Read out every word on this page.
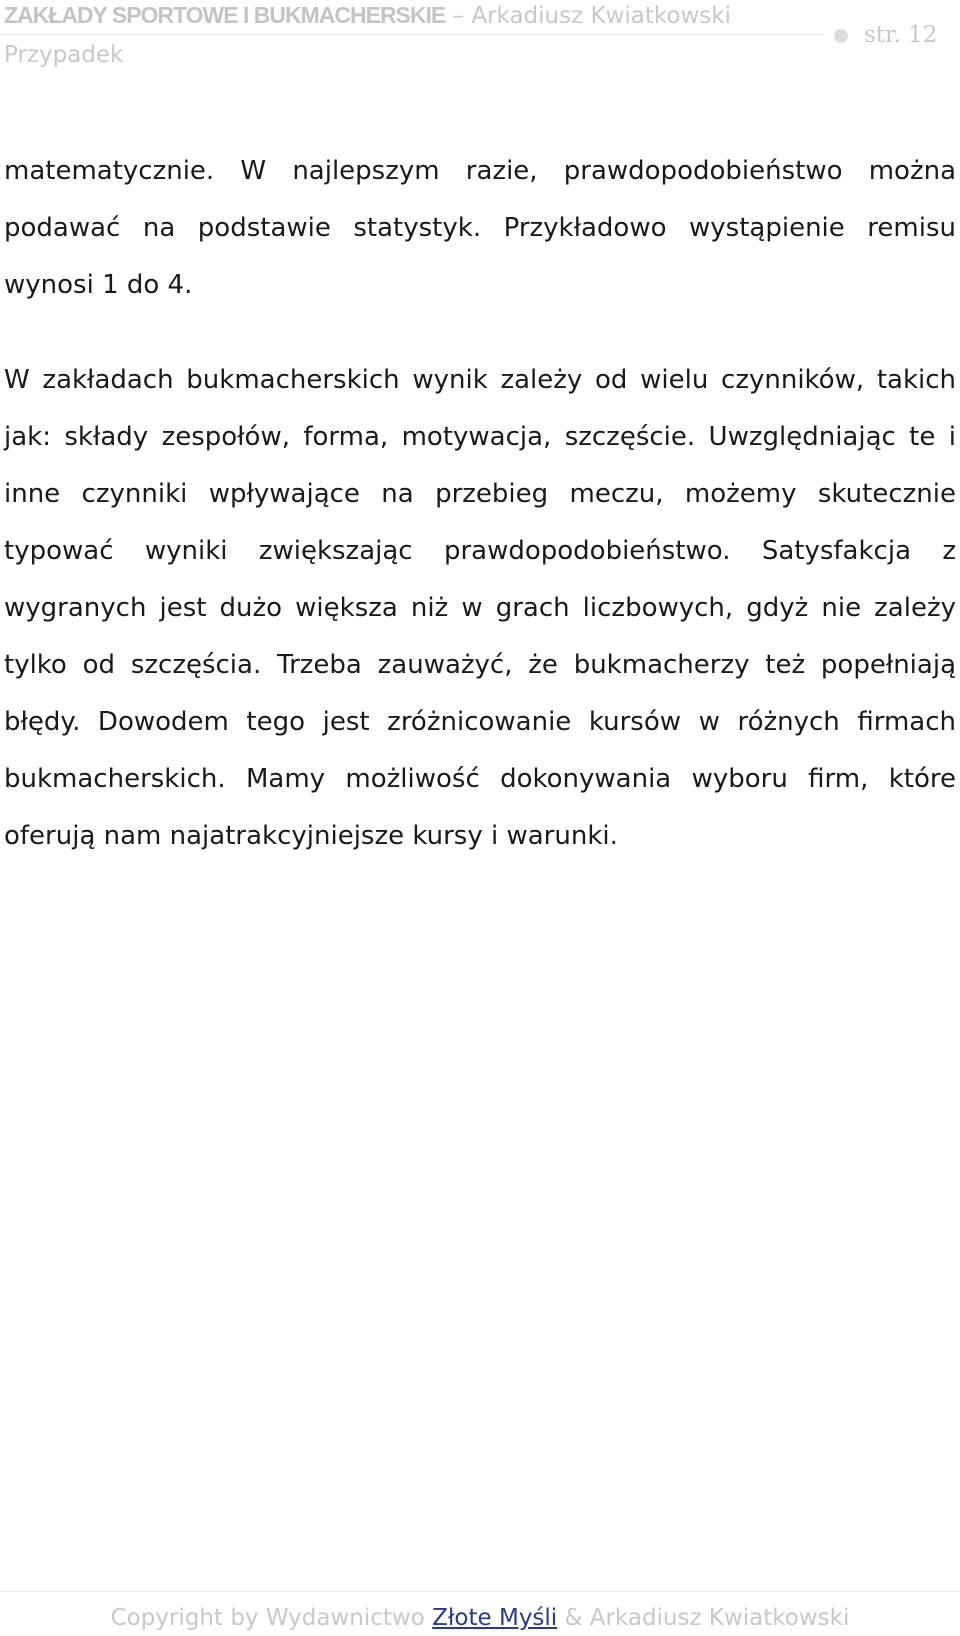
ZAKŁADY SPORTOWE I BUKMACHERSKIE – Arkadiusz Kwiatkowski
Przypadek
str. 12

matematycznie. W najlepszym razie, prawdopodobieństwo można podawać na podstawie statystyk. Przykładowo wystąpienie remisu wynosi 1 do 4.

W zakładach bukmacherskich wynik zależy od wielu czynników, takich jak: składy zespołów, forma, motywacja, szczęście. Uwzględniając te i inne czynniki wpływające na przebieg meczu, możemy skutecznie typować wyniki zwiększając prawdopodobieństwo. Satysfakcja z wygranych jest dużo większa niż w grach liczbowych, gdyż nie zależy tylko od szczęścia. Trzeba zauważyć, że bukmacherzy też popełniają błędy. Dowodem tego jest zróżnicowanie kursów w różnych firmach bukmacherskich. Mamy możliwość dokonywania wyboru firm, które oferują nam najatrakcyjniejsze kursy i warunki.

Copyright by Wydawnictwo Złote Myśli & Arkadiusz Kwiatkowski
